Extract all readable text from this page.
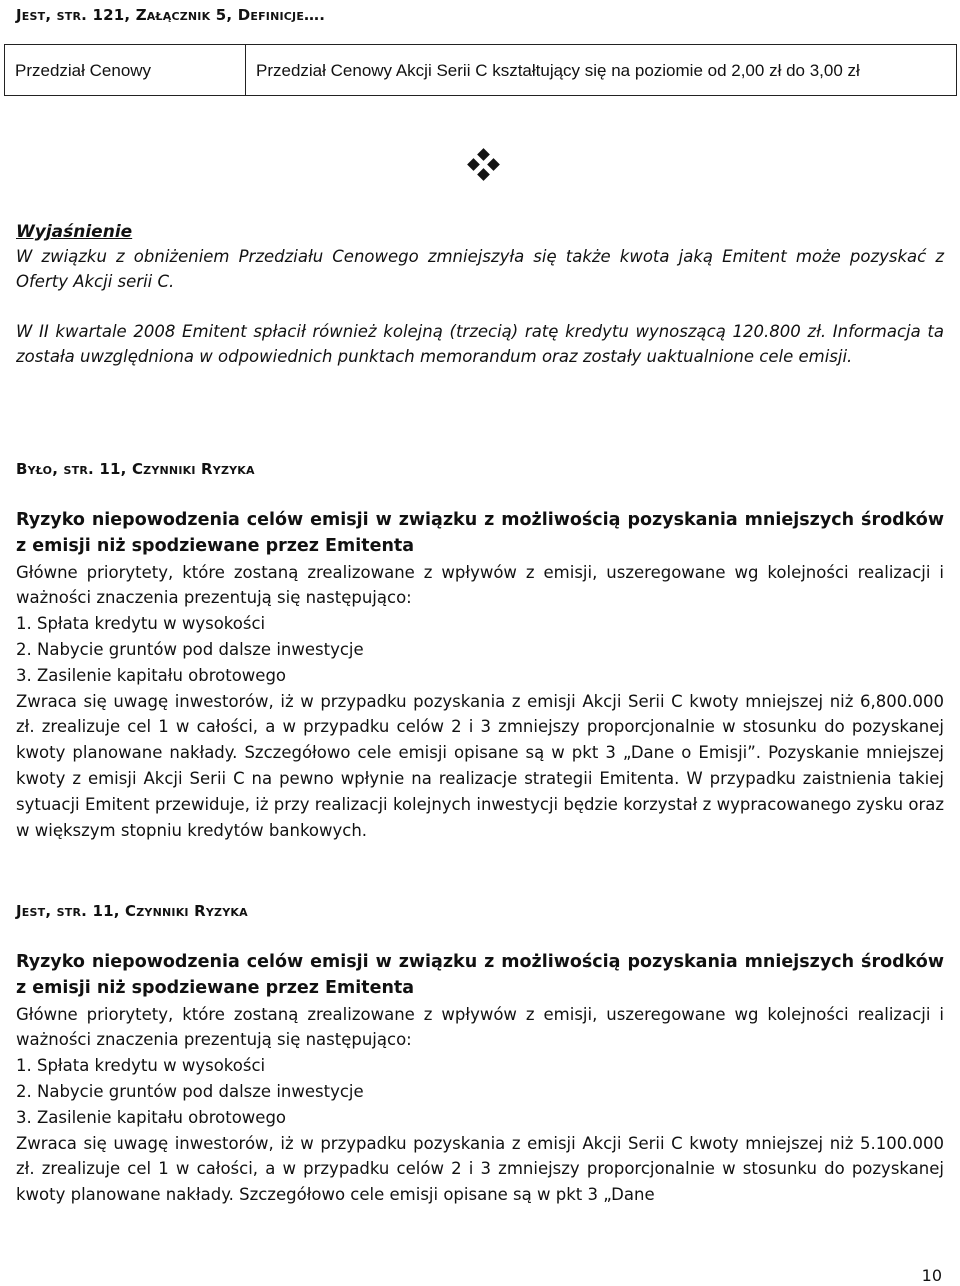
Jest, str. 121, Załącznik 5, Definicje….
Przedział Cenowy	Przedział Cenowy Akcji Serii C kształtujący się na poziomie od 2,00 zł do 3,00 zł

Wyjaśnienie

W związku z obniżeniem Przedziału Cenowego zmniejszyła się także kwota jaką Emitent może pozyskać z Oferty Akcji serii C.

W II kwartale 2008 Emitent spłacił również kolejną (trzecią) ratę kredytu wynoszącą 120.800 zł. Informacja ta została uwzględniona w odpowiednich punktach memorandum oraz zostały uaktualnione cele emisji.

Było, str. 11, Czynniki Ryzyka

Ryzyko niepowodzenia celów emisji w związku z możliwością pozyskania mniejszych środków z emisji niż spodziewane przez Emitenta

Główne priorytety, które zostaną zrealizowane z wpływów z emisji, uszeregowane wg kolejności realizacji i ważności znaczenia prezentują się następująco:

1. Spłata kredytu w wysokości

2. Nabycie gruntów pod dalsze inwestycje

3. Zasilenie kapitału obrotowego

Zwraca się uwagę inwestorów, iż w przypadku pozyskania z emisji Akcji Serii C kwoty mniejszej niż 6,800.000 zł. zrealizuje cel 1 w całości, a w przypadku celów 2 i 3 zmniejszy proporcjonalnie w stosunku do pozyskanej kwoty planowane nakłady. Szczegółowo cele emisji opisane są w pkt 3 „Dane o Emisji”. Pozyskanie mniejszej kwoty z emisji Akcji Serii C na pewno wpłynie na realizacje strategii Emitenta. W przypadku zaistnienia takiej sytuacji Emitent przewiduje, iż przy realizacji kolejnych inwestycji będzie korzystał z wypracowanego zysku oraz w większym stopniu kredytów bankowych.

Jest, str. 11, Czynniki Ryzyka

Ryzyko niepowodzenia celów emisji w związku z możliwością pozyskania mniejszych środków z emisji niż spodziewane przez Emitenta

Główne priorytety, które zostaną zrealizowane z wpływów z emisji, uszeregowane wg kolejności realizacji i ważności znaczenia prezentują się następująco:

1. Spłata kredytu w wysokości

2. Nabycie gruntów pod dalsze inwestycje

3. Zasilenie kapitału obrotowego

Zwraca się uwagę inwestorów, iż w przypadku pozyskania z emisji Akcji Serii C kwoty mniejszej niż 5.100.000 zł. zrealizuje cel 1 w całości, a w przypadku celów 2 i 3 zmniejszy proporcjonalnie w stosunku do pozyskanej kwoty planowane nakłady. Szczegółowo cele emisji opisane są w pkt 3 „Dane

10
